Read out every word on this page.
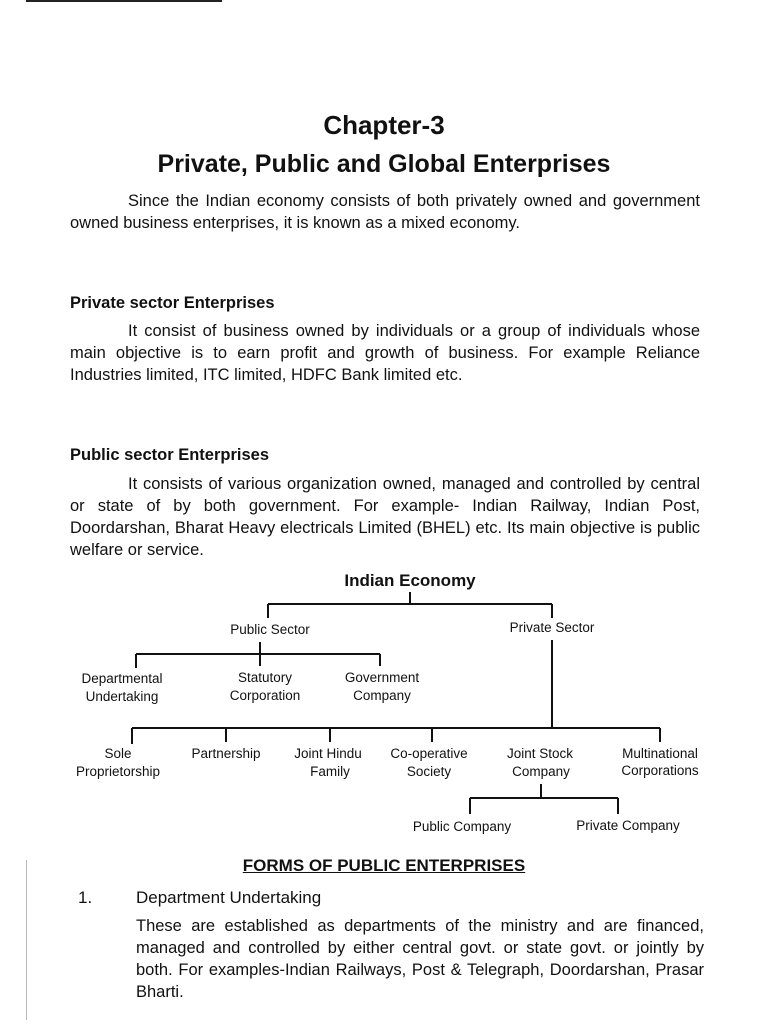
Chapter-3
Private, Public and Global Enterprises
Since the Indian economy consists of both privately owned and government owned business enterprises, it is known as a mixed economy.
Private sector Enterprises
It consist of business owned by individuals or a group of individuals whose main objective is to earn profit and growth of business. For example Reliance Industries limited, ITC limited, HDFC Bank limited etc.
Public sector Enterprises
It consists of various organization owned, managed and controlled by central or state of by both government. For example- Indian Railway, Indian Post, Doordarshan, Bharat Heavy electricals Limited (BHEL) etc. Its main objective is public welfare or service.
Indian Economy
Public Sector	Private Sector
Departmental
Undertaking
Statutory
Corporation
Government
Company
Sole
Proprietorship
Partnership Joint Hindu
Family
Co-operative
Society
Joint Stock
Company
Multinational
Corporations
Public Company	Private Company
FORMS OF PUBLIC ENTERPRISES
1.	Department Undertaking
These are established as departments of the ministry and are financed, managed and controlled by either central govt. or state govt. or jointly by both. For examples-Indian Railways, Post & Telegraph, Doordarshan, Prasar Bharti.
